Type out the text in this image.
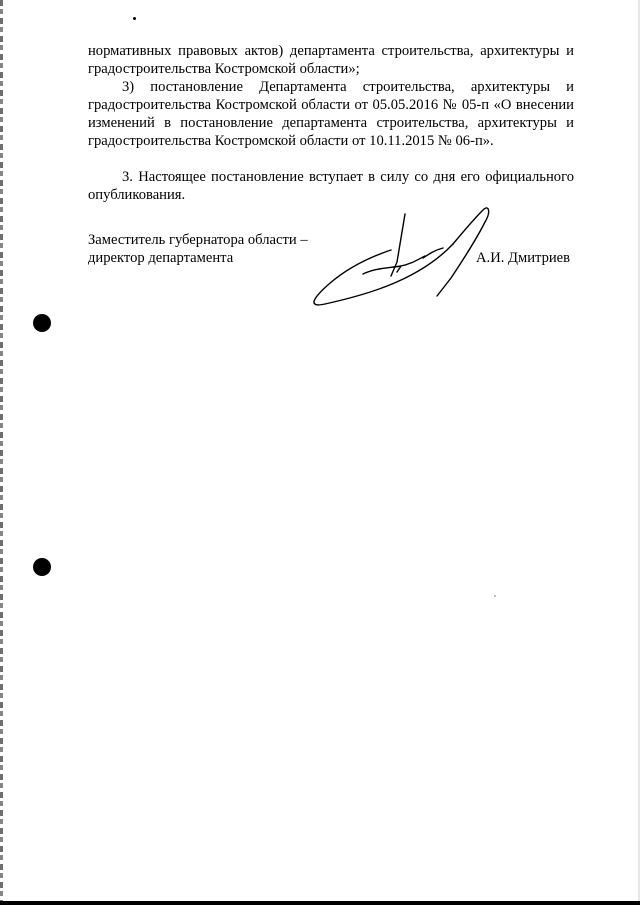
нормативных правовых актов) департамента строительства, архитектуры и градостроительства Костромской области»;

3) постановление Департамента строительства, архитектуры и градостроительства Костромской области от 05.05.2016 № 05-п «О внесении изменений в постановление департамента строительства, архитектуры и градостроительства Костромской области от 10.11.2015 № 06-п».

3. Настоящее постановление вступает в силу со дня его официального опубликования.

Заместитель губернатора области –
директор департамента	А.И. Дмитриев
